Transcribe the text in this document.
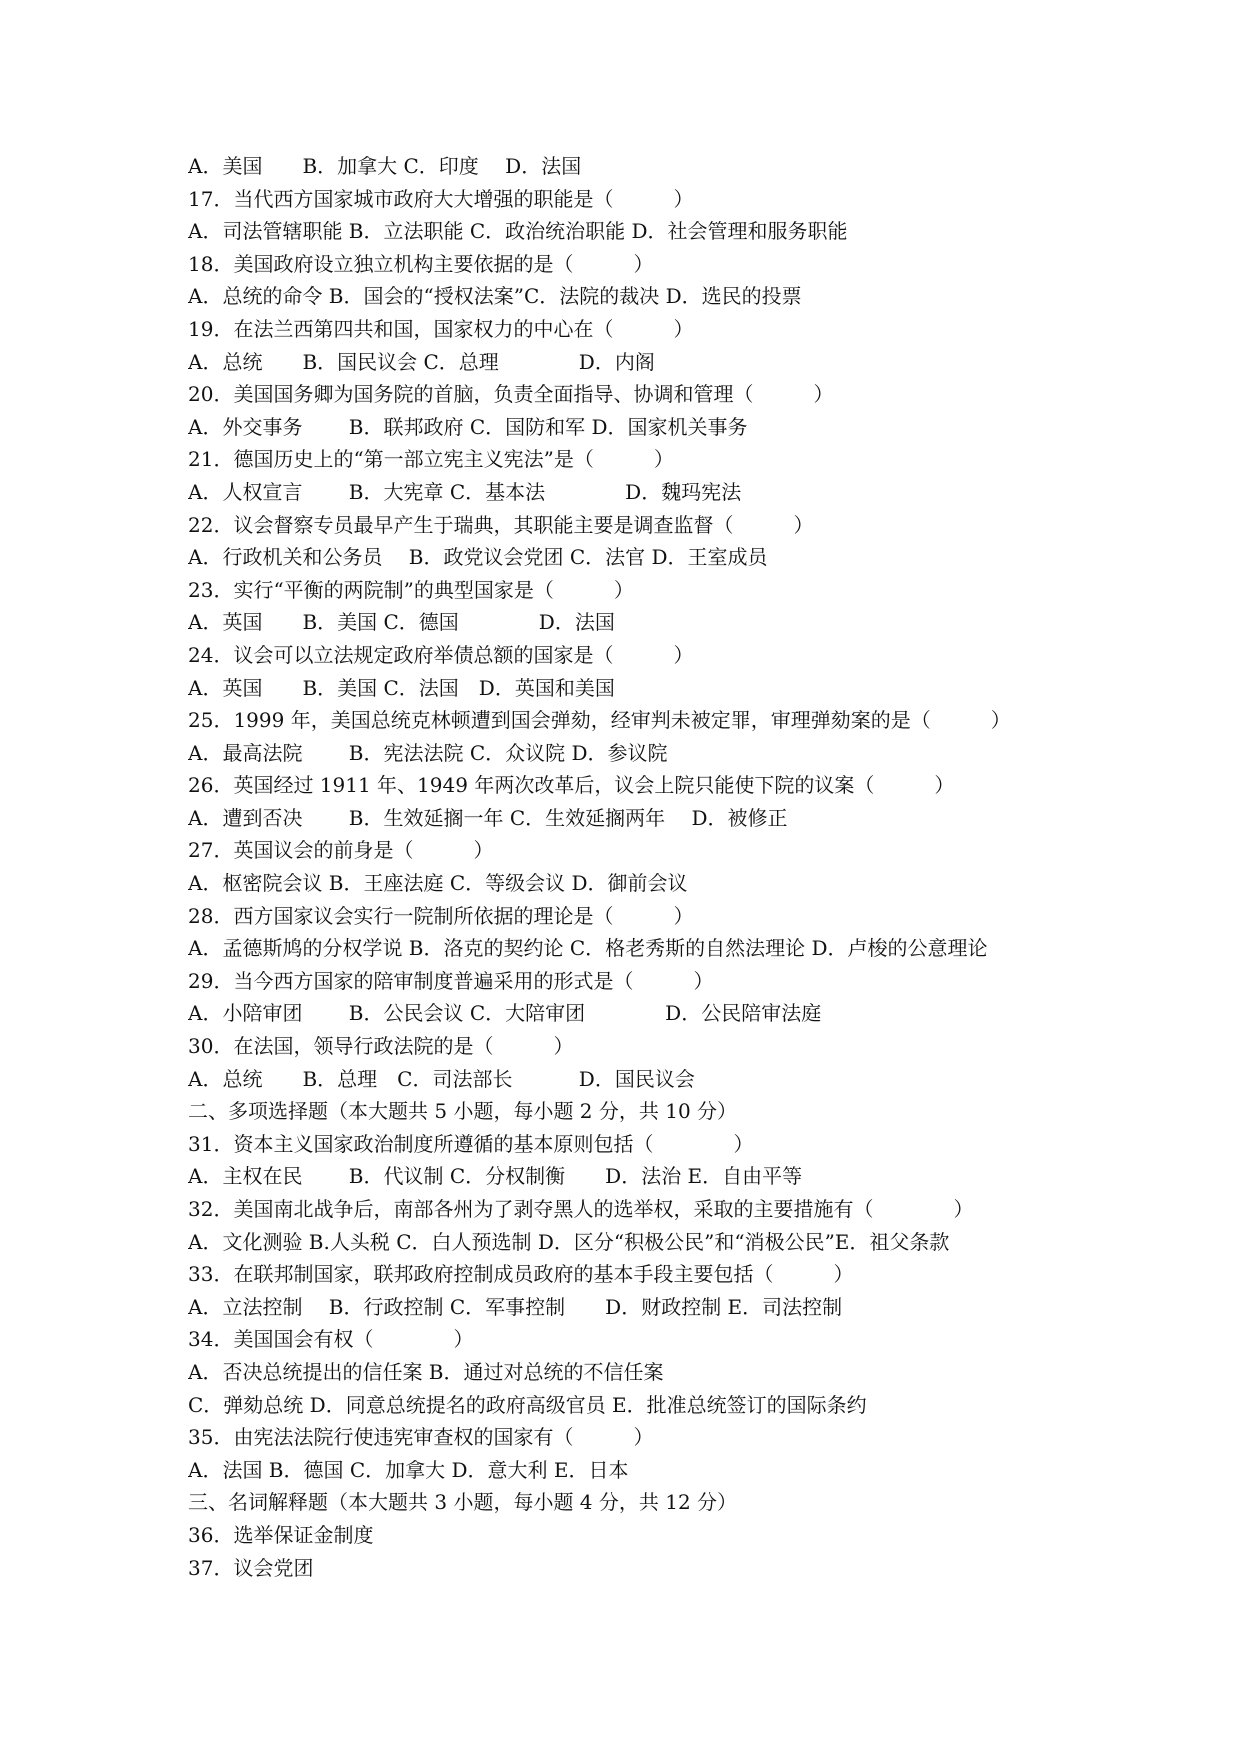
A．美国　　B．加拿大 C．印度　 D．法国
17．当代西方国家城市政府大大增强的职能是（　　　）
A．司法管辖职能 B．立法职能 C．政治统治职能 D．社会管理和服务职能
18．美国政府设立独立机构主要依据的是（　　　）
A．总统的命令 B．国会的“授权法案”C．法院的裁决 D．选民的投票
19．在法兰西第四共和国，国家权力的中心在（　　　）
A．总统　　B．国民议会 C．总理　　　　D．内阁
20．美国国务卿为国务院的首脑，负责全面指导、协调和管理（　　　）
A．外交事务　　 B．联邦政府 C．国防和军 D．国家机关事务
21．德国历史上的“第一部立宪主义宪法”是（　　　）
A．人权宣言　　 B．大宪章 C．基本法　　　　D．魏玛宪法
22．议会督察专员最早产生于瑞典，其职能主要是调查监督（　　　）
A．行政机关和公务员　 B．政党议会党团 C．法官 D．王室成员
23．实行“平衡的两院制”的典型国家是（　　　）
A．英国　　B．美国 C．德国　　　　D．法国
24．议会可以立法规定政府举债总额的国家是（　　　）
A．英国　　B．美国 C．法国　D．英国和美国
25．1999 年，美国总统克林顿遭到国会弹劾，经审判未被定罪，审理弹劾案的是（　　　）
A．最高法院　　 B．宪法法院 C．众议院 D．参议院
26．英国经过 1911 年、1949 年两次改革后，议会上院只能使下院的议案（　　　）
A．遭到否决　　 B．生效延搁一年 C．生效延搁两年　 D．被修正
27．英国议会的前身是（　　　）
A．枢密院会议 B．王座法庭 C．等级会议 D．御前会议
28．西方国家议会实行一院制所依据的理论是（　　　）
A．孟德斯鸠的分权学说 B．洛克的契约论 C．格老秀斯的自然法理论 D．卢梭的公意理论
29．当今西方国家的陪审制度普遍采用的形式是（　　　）
A．小陪审团　　 B．公民会议 C．大陪审团　　　　D．公民陪审法庭
30．在法国，领导行政法院的是（　　　）
A．总统　　B．总理　C．司法部长　　　 D．国民议会
二、多项选择题（本大题共 5 小题，每小题 2 分，共 10 分）
31．资本主义国家政治制度所遵循的基本原则包括（　　　　）
A．主权在民　　 B．代议制 C．分权制衡　　D．法治 E．自由平等
32．美国南北战争后，南部各州为了剥夺黑人的选举权，采取的主要措施有（　　　　）
A．文化测验 B.人头税 C．白人预选制 D．区分“积极公民”和“消极公民”E．祖父条款
33．在联邦制国家，联邦政府控制成员政府的基本手段主要包括（　　　）
A．立法控制　 B．行政控制 C．军事控制　　D．财政控制 E．司法控制
34．美国国会有权（　　　　）
A．否决总统提出的信任案 B．通过对总统的不信任案
C．弹劾总统 D．同意总统提名的政府高级官员 E．批准总统签订的国际条约
35．由宪法法院行使违宪审查权的国家有（　　　）
A．法国 B．德国 C．加拿大 D．意大利 E．日本
三、名词解释题（本大题共 3 小题，每小题 4 分，共 12 分）
36．选举保证金制度
37．议会党团
